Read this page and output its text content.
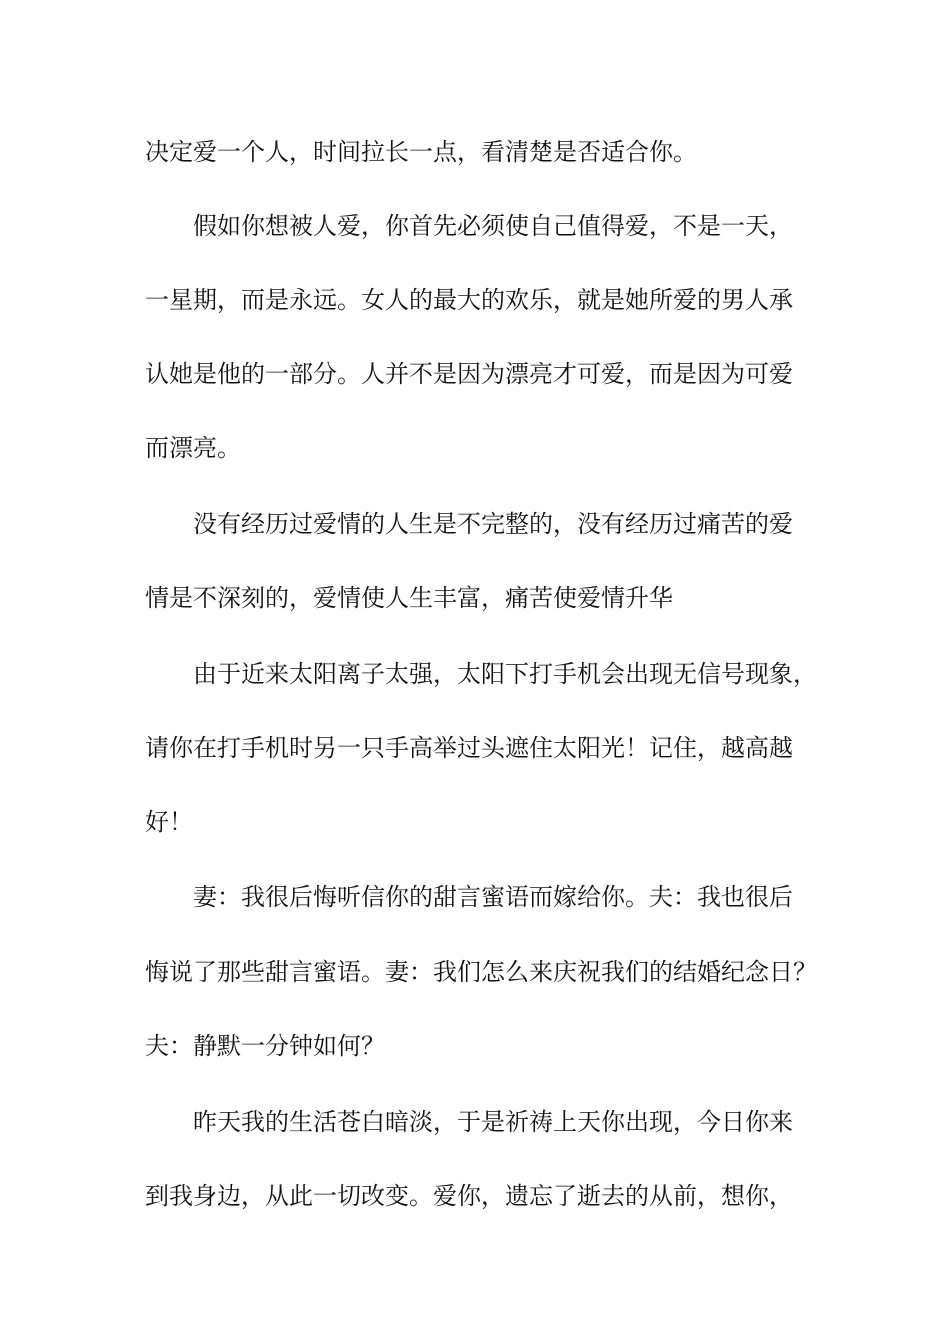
决定爱一个人，时间拉长一点，看清楚是否适合你。
假如你想被人爱，你首先必须使自己值得爱，不是一天，
一星期，而是永远。女人的最大的欢乐，就是她所爱的男人承
认她是他的一部分。人并不是因为漂亮才可爱，而是因为可爱
而漂亮。
没有经历过爱情的人生是不完整的，没有经历过痛苦的爱
情是不深刻的，爱情使人生丰富，痛苦使爱情升华
由于近来太阳离子太强，太阳下打手机会出现无信号现象，
请你在打手机时另一只手高举过头遮住太阳光！记住，越高越
好！
妻：我很后悔听信你的甜言蜜语而嫁给你。夫：我也很后
悔说了那些甜言蜜语。妻：我们怎么来庆祝我们的结婚纪念日？
夫：静默一分钟如何？
昨天我的生活苍白暗淡，于是祈祷上天你出现，今日你来
到我身边，从此一切改变。爱你，遗忘了逝去的从前，想你，
